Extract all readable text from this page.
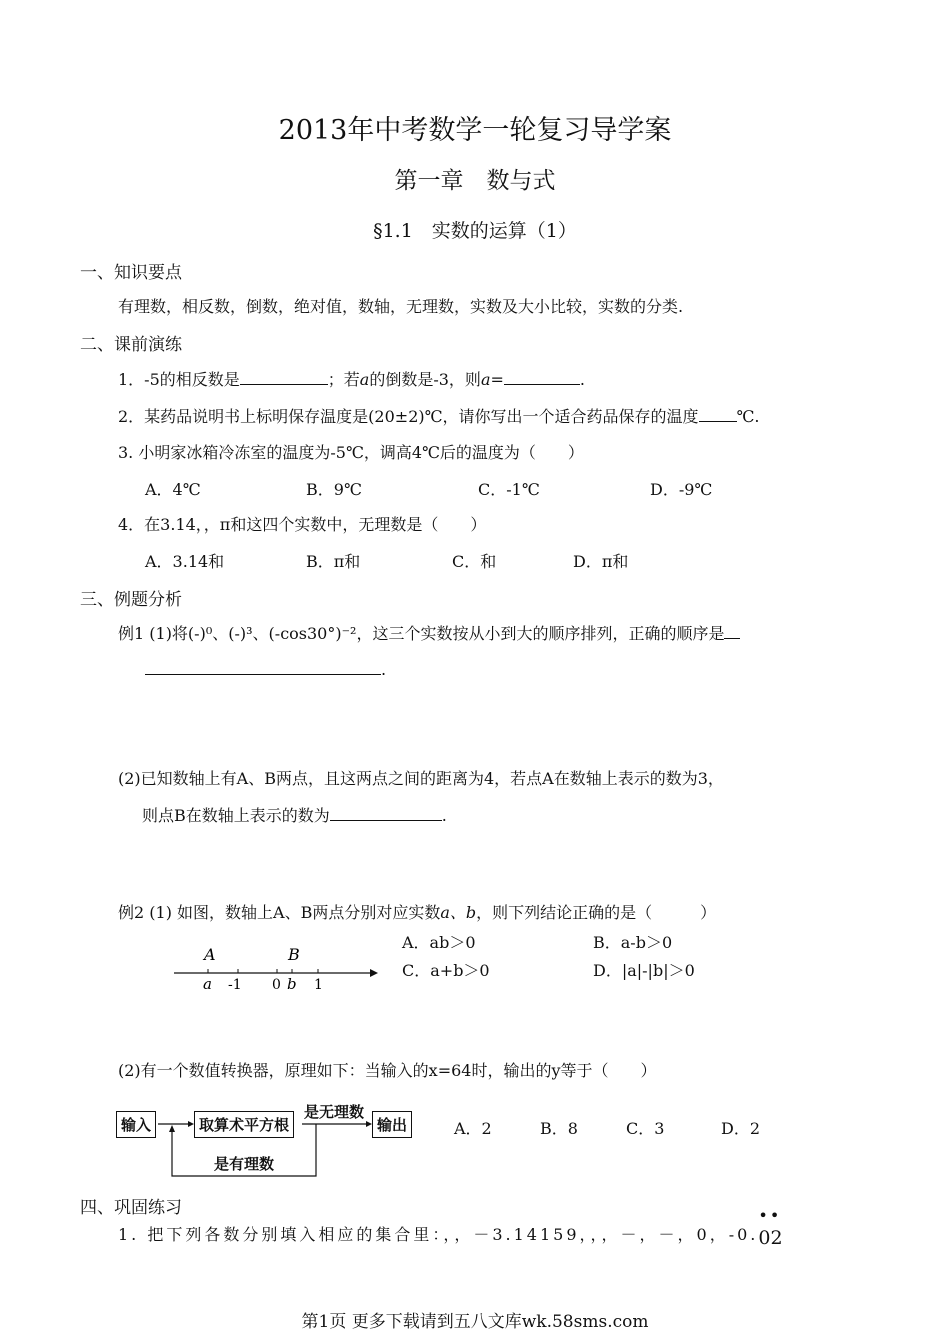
2013年中考数学一轮复习导学案
第一章　数与式
§1.1　实数的运算（1）
一、知识要点
有理数，相反数，倒数，绝对值，数轴，无理数，实数及大小比较，实数的分类.
二、课前演练
1．-5的相反数是	；若a的倒数是-3，则a=	.
2．某药品说明书上标明保存温度是(20±2)℃，请你写出一个适合药品保存的温度 ℃.
3. 小明家冰箱冷冻室的温度为-5℃，调高4℃后的温度为（　　）
A．4℃	B．9℃	C．-1℃	D．-9℃
4．在3.14，，π和这四个实数中，无理数是（　　）
A．3.14和	B．π和	C．和	D．π和
三、例题分析
例1 (1)将(-)⁰、(-)³、(-cos30°)⁻²，这三个实数按从小到大的顺序排列，正确的顺序是
.
(2)已知数轴上有A、B两点，且这两点之间的距离为4，若点A在数轴上表示的数为3，
则点B在数轴上表示的数为	.
例2 (1) 如图，数轴上A、B两点分别对应实数a、b，则下列结论正确的是（　　　）
A	B
a -1 0 b 1
A．ab＞0	B．a-b＞0
C．a+b＞0	D．|a|-|b|＞0
(2)有一个数值转换器，原理如下：当输入的x=64时，输出的y等于（　　）
输入	取算术平方根
是无理数
输出
是有理数
A．2	B．8	C．3	D．2
四、巩固练习
1. 把下列各数分别填入相应的集合里：，，－3.14159，，，－，－，0，-0.
••
02
第1页 更多下载请到五八文库wk.58sms.com
